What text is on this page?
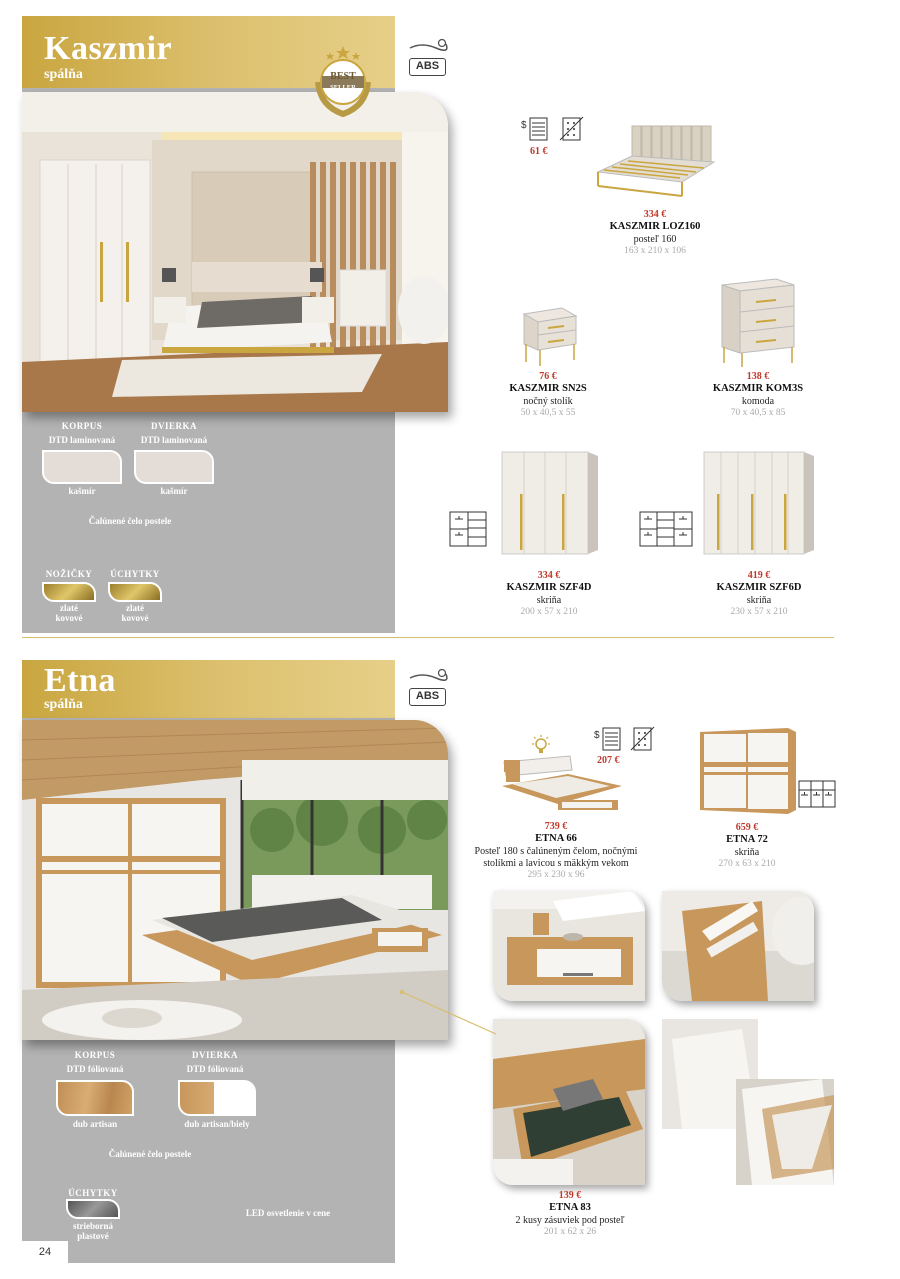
Kaszmir
spálňa	BEST
SELLER
ABS
KORPUS
DTD laminovaná
DVIERKA
DTD laminovaná
kašmír	kašmír
Čalúnené čelo postele
NOŽIČKY	ÚCHYTKY
zlaté kovové
zlaté kovové
$
61 €
334 €
KASZMIR LOZ160
posteľ 160
163 x 210 x 106
76 €
KASZMIR SN2S
nočný stolík
50 x 40,5 x 55
138 €
KASZMIR KOM3S
komoda
70 x 40,5 x 85
334 €
KASZMIR SZF4D
skriňa
200 x 57 x 210
419 €
KASZMIR SZF6D
skriňa
230 x 57 x 210
Etna
spálňa
ABS
KORPUS
DTD fóliovaná
DVIERKA
DTD fóliovaná
dub artisan	dub artisan/biely
Čalúnené čelo postele
ÚCHYTKY
strieborná plastové
LED osvetlenie v cene
24
$
207 €
739 €
ETNA 66
Posteľ 180 s čalúneným čelom, nočnými stolíkmi a lavicou s mäkkým vekom
295 x 230 x 96
659 €
ETNA 72
skriňa
270 x 63 x 210
139 €
ETNA 83
2 kusy zásuviek pod posteľ
201 x 62 x 26
